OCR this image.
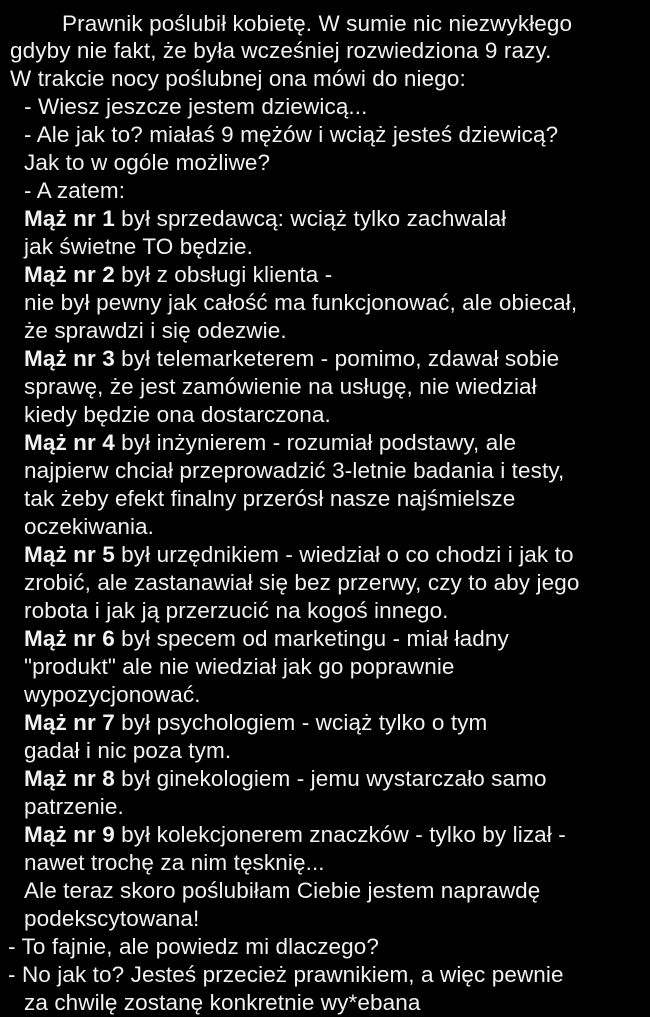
Prawnik poślubił kobietę. W sumie nic niezwykłego
gdyby nie fakt, że była wcześniej rozwiedziona 9 razy.
W trakcie nocy poślubnej ona mówi do niego:
- Wiesz jeszcze jestem dziewicą...
- Ale jak to? miałaś 9 mężów i wciąż jesteś dziewicą?
Jak to w ogóle możliwe?
- A zatem:
Mąż nr 1 był sprzedawcą: wciąż tylko zachwalał
jak świetne TO będzie.
Mąż nr 2 był z obsługi klienta -
nie był pewny jak całość ma funkcjonować, ale obiecał,
że sprawdzi i się odezwie.
Mąż nr 3 był telemarketerem - pomimo, zdawał sobie
sprawę, że jest zamówienie na usługę, nie wiedział
kiedy będzie ona dostarczona.
Mąż nr 4 był inżynierem - rozumiał podstawy, ale
najpierw chciał przeprowadzić 3-letnie badania i testy,
tak żeby efekt finalny przerósł nasze najśmielsze
oczekiwania.
Mąż nr 5 był urzędnikiem - wiedział o co chodzi i jak to
zrobić, ale zastanawiał się bez przerwy, czy to aby jego
robota i jak ją przerzucić na kogoś innego.
Mąż nr 6 był specem od marketingu - miał ładny
"produkt" ale nie wiedział jak go poprawnie
wypozycjonować.
Mąż nr 7 był psychologiem - wciąż tylko o tym
gadał i nic poza tym.
Mąż nr 8 był ginekologiem - jemu wystarczało samo
patrzenie.
Mąż nr 9 był kolekcjonerem znaczków - tylko by lizał -
nawet trochę za nim tęsknię...
Ale teraz skoro poślubiłam Ciebie jestem naprawdę
podekscytowana!
- To fajnie, ale powiedz mi dlaczego?
- No jak to? Jesteś przecież prawnikiem, a więc pewnie
za chwilę zostanę konkretnie wy*ebana
